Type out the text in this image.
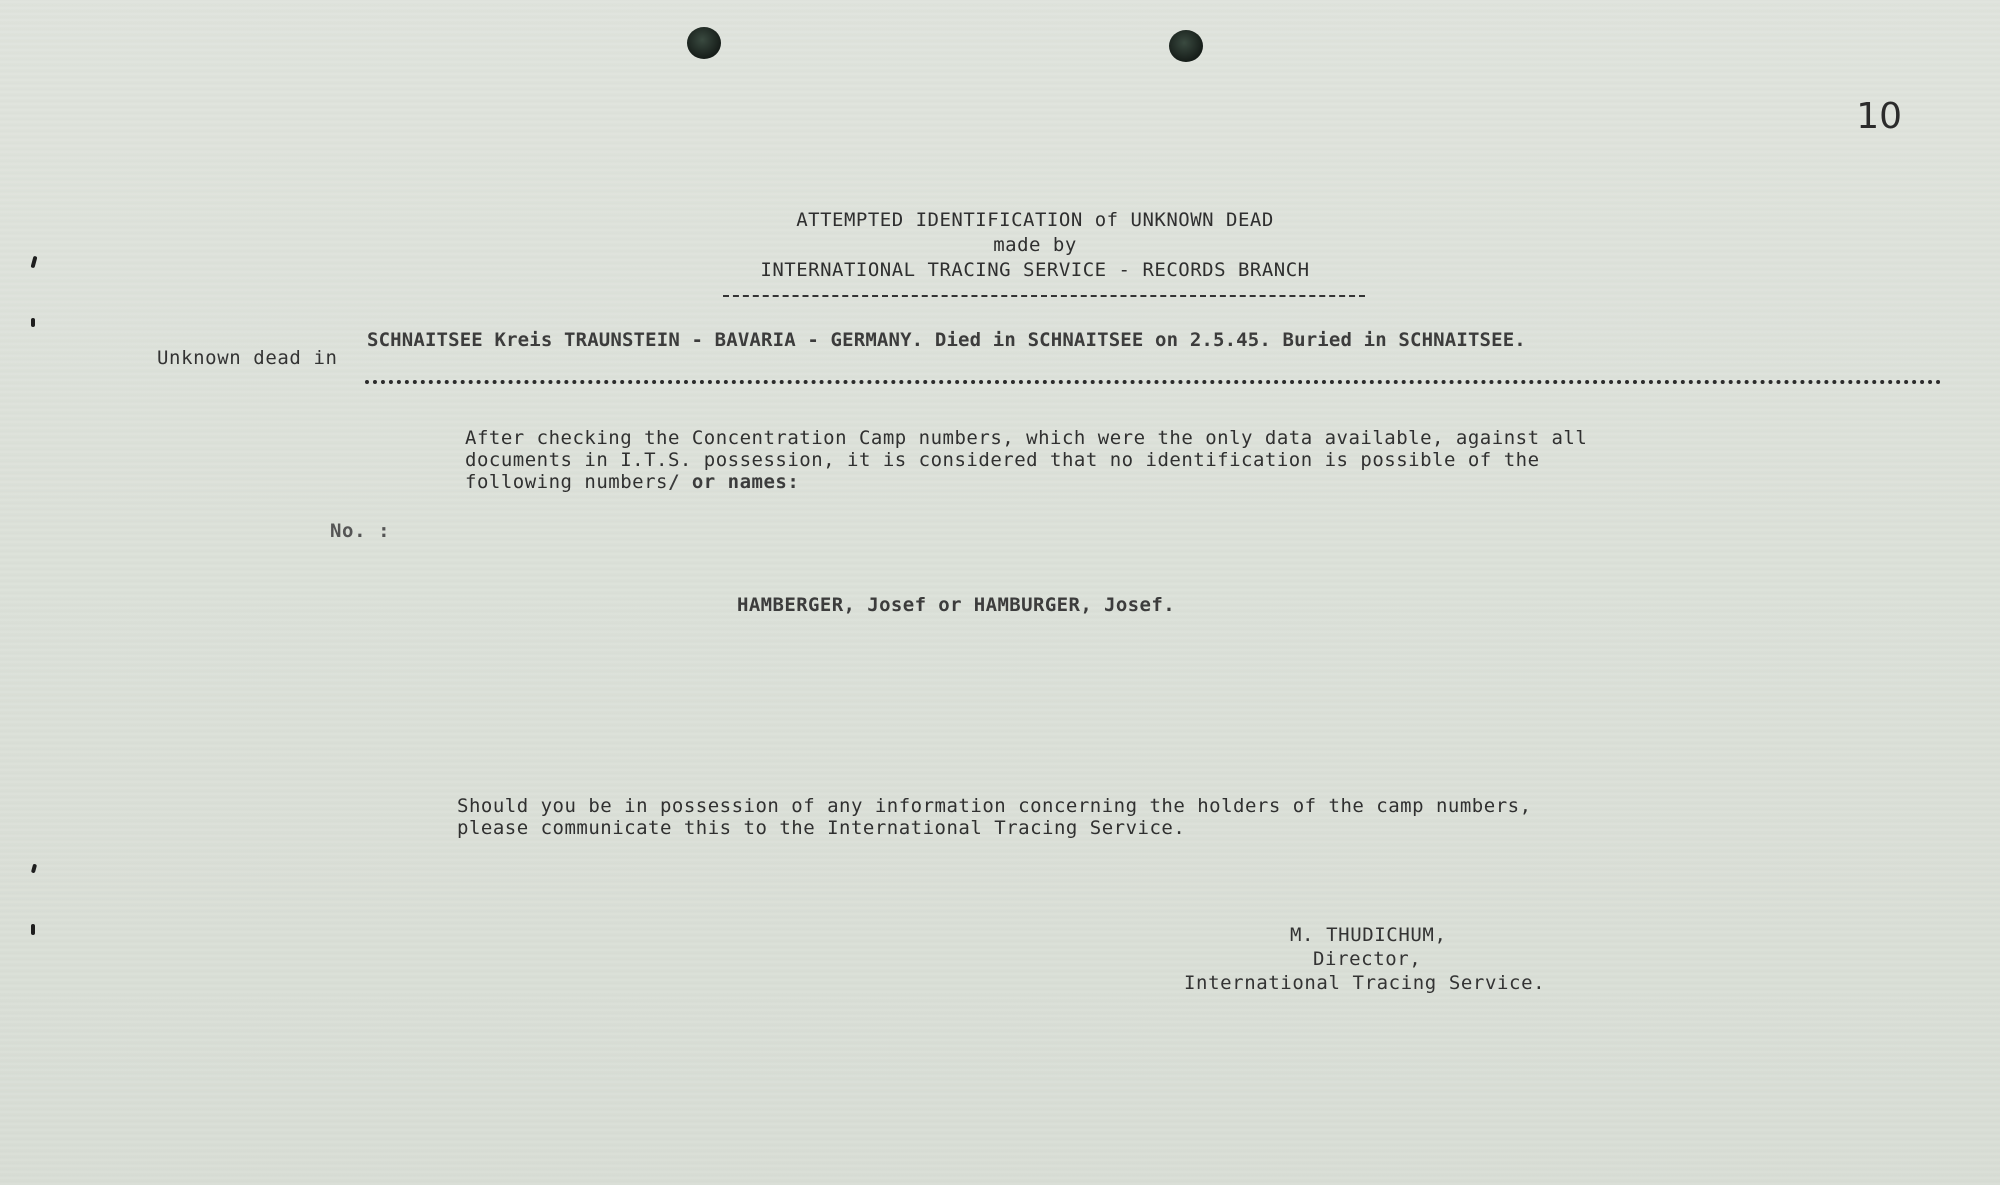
10
ATTEMPTED IDENTIFICATION of UNKNOWN DEAD
made by
INTERNATIONAL TRACING SERVICE - RECORDS BRANCH
Unknown dead in
SCHNAITSEE Kreis TRAUNSTEIN - BAVARIA - GERMANY. Died in SCHNAITSEE on 2.5.45. Buried in SCHNAITSEE.
After checking the Concentration Camp numbers, which were the only data available, against all
documents in I.T.S. possession, it is considered that no identification is possible of the
following numbers/ or names:
No. :
HAMBERGER, Josef or HAMBURGER, Josef.
Should you be in possession of any information concerning the holders of the camp numbers,
please communicate this to the International Tracing Service.
M. THUDICHUM,
Director,
International Tracing Service.
